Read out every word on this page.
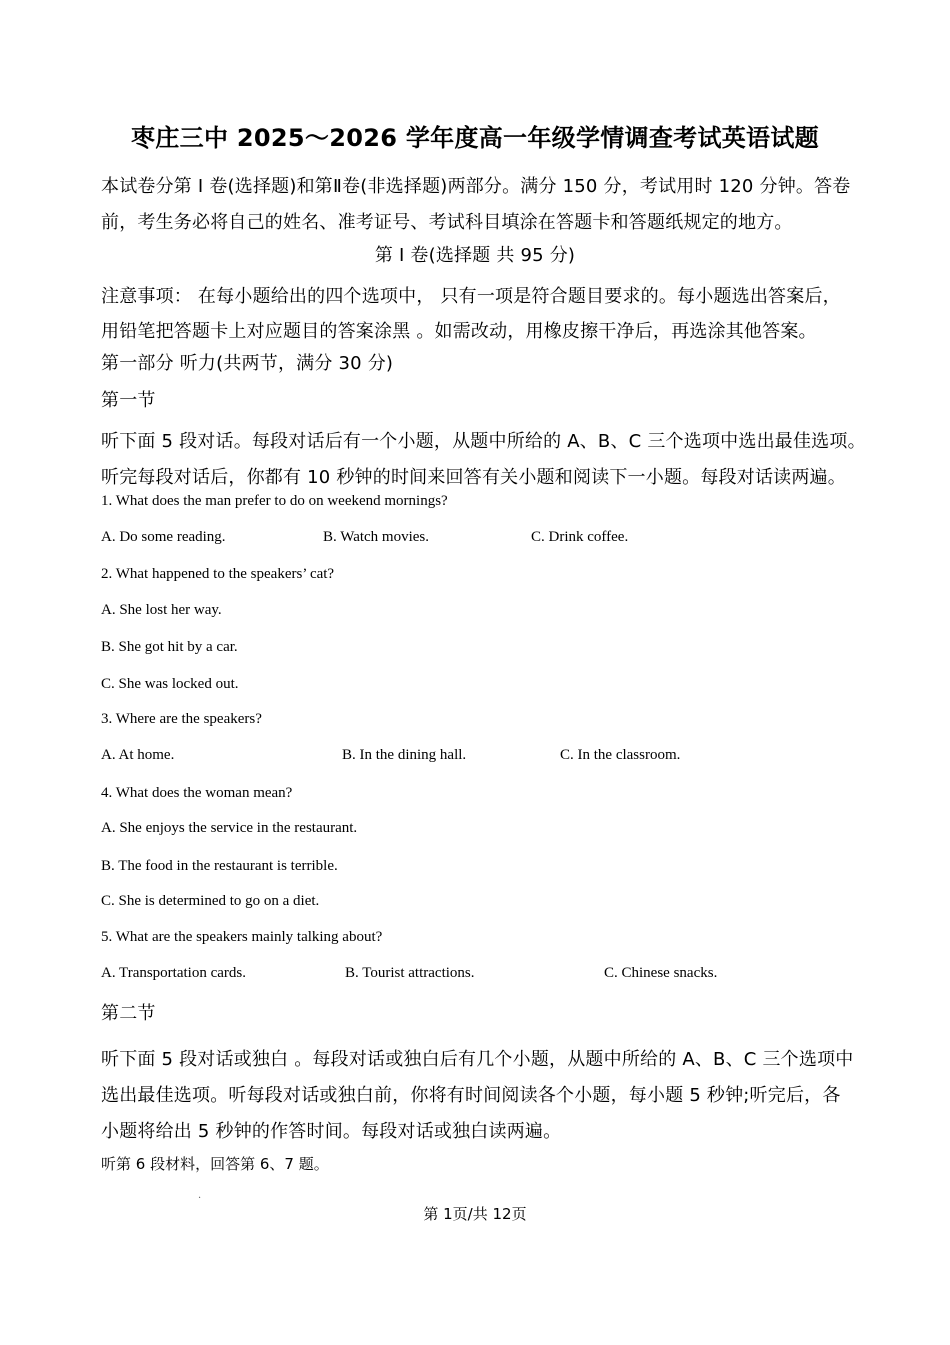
枣庄三中 2025～2026 学年度高一年级学情调查考试英语试题
本试卷分第 Ⅰ 卷(选择题)和第Ⅱ卷(非选择题)两部分。满分 150 分，考试用时 120 分钟。答卷
前，考生务必将自己的姓名、准考证号、考试科目填涂在答题卡和答题纸规定的地方。
第 Ⅰ 卷(选择题 共 95 分)
注意事项： 在每小题给出的四个选项中， 只有一项是符合题目要求的。每小题选出答案后，
用铅笔把答题卡上对应题目的答案涂黑 。如需改动，用橡皮擦干净后，再选涂其他答案。
第一部分 听力(共两节，满分 30 分)
第一节
听下面 5 段对话。每段对话后有一个小题，从题中所给的 A、B、C 三个选项中选出最佳选项。
听完每段对话后，你都有 10 秒钟的时间来回答有关小题和阅读下一小题。每段对话读两遍。
1. What does the man prefer to do on weekend mornings?
A. Do some reading.	B. Watch movies.	C. Drink coffee.
2. What happened to the speakers’ cat?
A. She lost her way.
B. She got hit by a car.
C. She was locked out.
3. Where are the speakers?
A. At home.	B. In the dining hall.	C. In the classroom.
4. What does the woman mean?
A. She enjoys the service in the restaurant.
B. The food in the restaurant is terrible.
C. She is determined to go on a diet.
5. What are the speakers mainly talking about?
A. Transportation cards.	B. Tourist attractions.	C. Chinese snacks.
第二节
听下面 5 段对话或独白 。每段对话或独白后有几个小题，从题中所给的 A、B、C 三个选项中
选出最佳选项。听每段对话或独白前，你将有时间阅读各个小题，每小题 5 秒钟;听完后，各
小题将给出 5 秒钟的作答时间。每段对话或独白读两遍。
听第 6 段材料，回答第 6、7 题。
·
第 1页/共 12页
